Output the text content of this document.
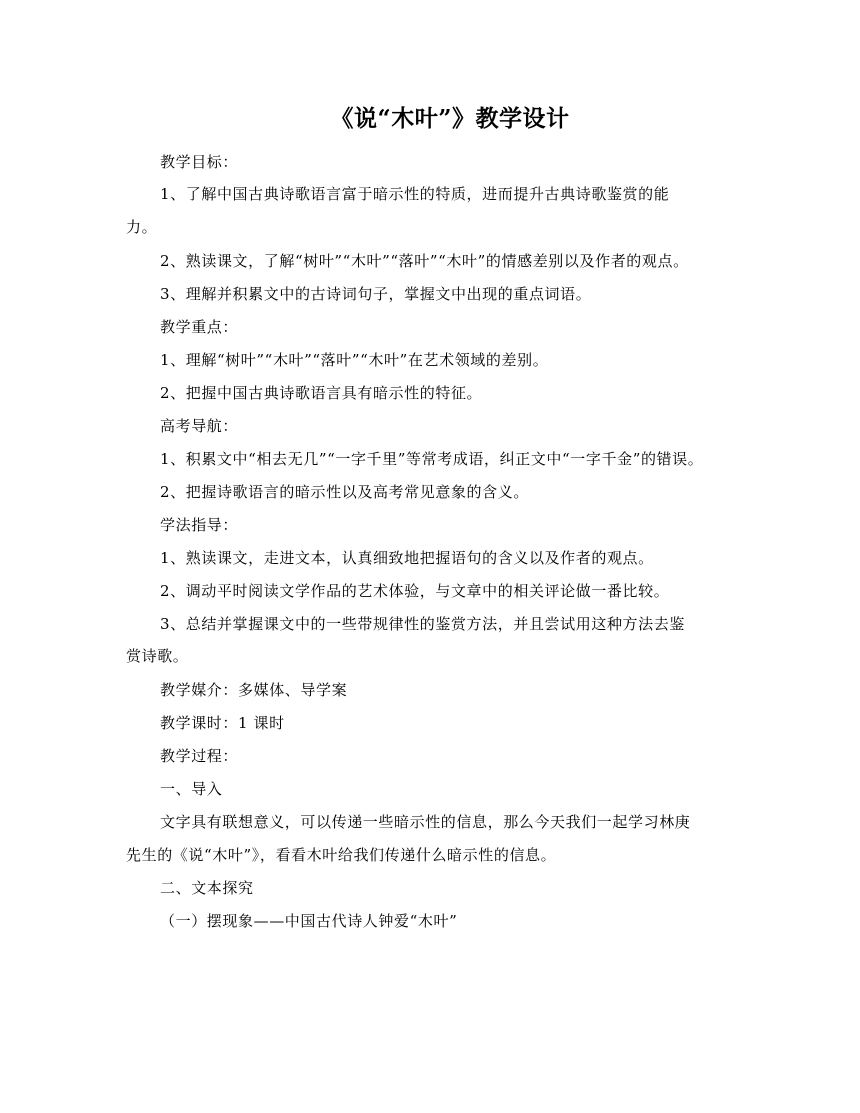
《说“木叶”》教学设计
教学目标：
1、了解中国古典诗歌语言富于暗示性的特质，进而提升古典诗歌鉴赏的能
力。
2、熟读课文，了解“树叶”“木叶”“落叶”“木叶”的情感差别以及作者的观点。
3、理解并积累文中的古诗词句子，掌握文中出现的重点词语。
教学重点：
1、理解“树叶”“木叶”“落叶”“木叶”在艺术领域的差别。
2、把握中国古典诗歌语言具有暗示性的特征。
高考导航：
1、积累文中“相去无几”“一字千里”等常考成语，纠正文中“一字千金”的错误。
2、把握诗歌语言的暗示性以及高考常见意象的含义。
学法指导：
1、熟读课文，走进文本，认真细致地把握语句的含义以及作者的观点。
2、调动平时阅读文学作品的艺术体验，与文章中的相关评论做一番比较。
3、总结并掌握课文中的一些带规律性的鉴赏方法，并且尝试用这种方法去鉴
赏诗歌。
教学媒介：多媒体、导学案
教学课时：1 课时
教学过程：
一、导入
文字具有联想意义，可以传递一些暗示性的信息，那么今天我们一起学习林庚
先生的《说“木叶”》，看看木叶给我们传递什么暗示性的信息。
二、文本探究
（一）摆现象——中国古代诗人钟爱“木叶”
